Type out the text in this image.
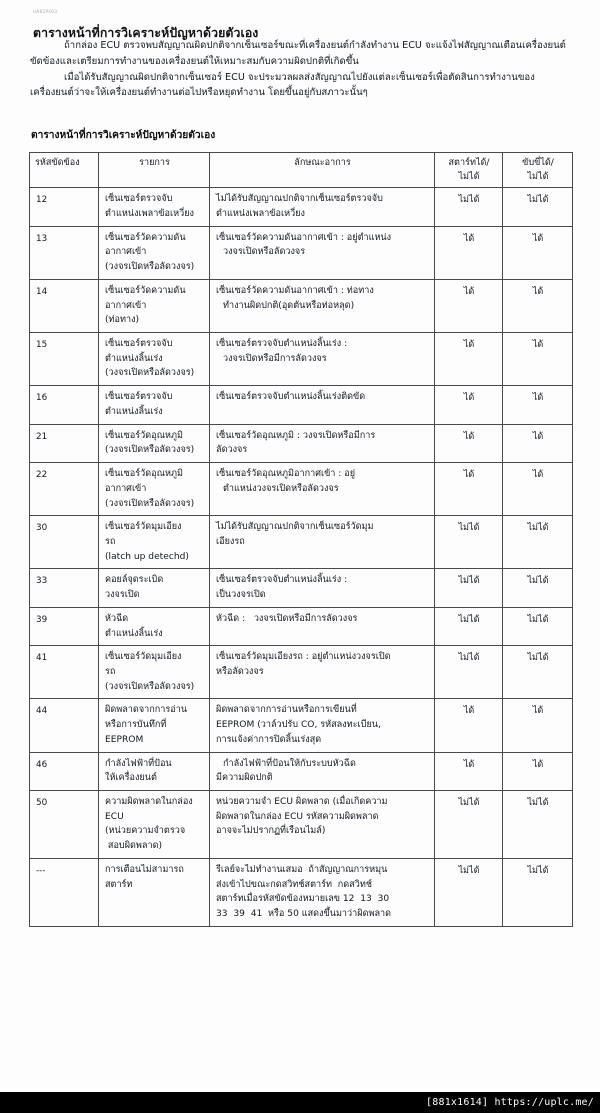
UA82P403
ตารางหน้าที่การวิเคราะห์ปัญหาด้วยตัวเอง

ถ้ากล่อง ECU ตรวจพบสัญญาณผิดปกติจากเซ็นเซอร์ขณะที่เครื่องยนต์กำลังทำงาน ECU จะแจ้งไฟสัญญาณเตือนเครื่องยนต์ขัดข้องและเตรียมการทำงานของเครื่องยนต์ให้เหมาะสมกับความผิดปกติที่เกิดขึ้น

เมื่อได้รับสัญญาณผิดปกติจากเซ็นเซอร์ ECU จะประมวลผลส่งสัญญาณไปยังแต่ละเซ็นเซอร์เพื่อตัดสินการทำงานของเครื่องยนต์ว่าจะให้เครื่องยนต์ทำงานต่อไปหรือหยุดทำงาน โดยขึ้นอยู่กับสภาวะนั้นๆ

ตารางหน้าที่การวิเคราะห์ปัญหาด้วยตัวเอง
รหัสขัดข้อง	รายการ	ลักษณะอาการ	สตาร์ทได้/
ไม่ได้	ขับขี่ได้/
ไม่ได้

12	เซ็นเซอร์ตรวจจับ
ตำแหน่งเพลาข้อเหวี่ยง	ไม่ได้รับสัญญาณปกติจากเซ็นเซอร์ตรวจจับ
ตำแหน่งเพลาข้อเหวี่ยง	ไม่ได้	ไม่ได้
13	เซ็นเซอร์วัดความดัน
อากาศเข้า
(วงจรเปิดหรือลัดวงจร)	เซ็นเซอร์วัดความดันอากาศเข้า : อยู่ตำแหน่ง
วงจรเปิดหรือลัดวงจร	ได้	ได้
14	เซ็นเซอร์วัดความดัน
อากาศเข้า
(ท่อทาง)	เซ็นเซอร์วัดความดันอากาศเข้า : ท่อทาง
ทำงานผิดปกติ(อุดตันหรือท่อหลุด)	ได้	ได้
15	เซ็นเซอร์ตรวจจับ
ตำแหน่งลิ้นเร่ง
(วงจรเปิดหรือลัดวงจร)	เซ็นเซอร์ตรวจจับตำแหน่งลิ้นเร่ง :
วงจรเปิดหรือมีการลัดวงจร	ได้	ได้
16	เซ็นเซอร์ตรวจจับ
ตำแหน่งลิ้นเร่ง	เซ็นเซอร์ตรวจจับตำแหน่งลิ้นเร่งติดขัด	ได้	ได้
21	เซ็นเซอร์วัดอุณหภูมิ
(วงจรเปิดหรือลัดวงจร)	เซ็นเซอร์วัดอุณหภูมิ : วงจรเปิดหรือมีการ
ลัดวงจร	ได้	ได้
22	เซ็นเซอร์วัดอุณหภูมิ
อากาศเข้า
(วงจรเปิดหรือลัดวงจร)	เซ็นเซอร์วัดอุณหภูมิอากาศเข้า : อยู่
ตำแหน่งวงจรเปิดหรือลัดวงจร	ได้	ได้
30	เซ็นเซอร์วัดมุมเอียง
รถ
(latch up detechd)	ไม่ได้รับสัญญาณปกติจากเซ็นเซอร์วัดมุม
เอียงรถ	ไม่ได้	ไม่ได้
33	คอยล์จุดระเบิด
วงจรเปิด	เซ็นเซอร์ตรวจจับตำแหน่งลิ้นเร่ง :
เป็นวงจรเปิด	ไม่ได้	ไม่ได้
39	หัวฉีด
ตำแหน่งลิ้นเร่ง	หัวฉีด :   วงจรเปิดหรือมีการลัดวงจร	ไม่ได้	ไม่ได้
41	เซ็นเซอร์วัดมุมเอียง
รถ
(วงจรเปิดหรือลัดวงจร)	เซ็นเซอร์วัดมุมเอียงรถ : อยู่ตำแหน่งวงจรเปิด
หรือลัดวงจร	ไม่ได้	ไม่ได้
44	ผิดพลาดจากการอ่าน
หรือการบันทึกที่
EEPROM	ผิดพลาดจากการอ่านหรือการเขียนที่
EEPROM (วาล์วปรับ CO, รหัสลงทะเบียน,
การแจ้งค่าการปิดลิ้นเร่งสุด	ได้	ได้
46	กำลังไฟฟ้าที่ป้อน
ให้เครื่องยนต์	กำลังไฟฟ้าที่ป้อนให้กับระบบหัวฉีด
มีความผิดปกติ	ได้	ได้
50	ความผิดพลาดในกล่อง
ECU
(หน่วยความจำตรวจ
สอบผิดพลาด)	หน่วยความจำ ECU ผิดพลาด (เมื่อเกิดความ
ผิดพลาดในกล่อง ECU รหัสความผิดพลาด
อาจจะไม่ปรากฏที่เรือนไมล์)	ไม่ได้	ไม่ได้
---	การเตือนไม่สามารถ
สตาร์ท	รีเลย์จะไม่ทำงานเสมอ  ถ้าสัญญาณการหมุน
ส่งเข้าไปขณะกดสวิทช์สตาร์ท  กดสวิทช์
สตาร์ทเมื่อรหัสขัดข้องหมายเลข 12  13  30
33  39  41  หรือ 50 แสดงขึ้นมาว่าผิดพลาด	ไม่ได้	ไม่ได้
[881x1614] https://uplc.me/
